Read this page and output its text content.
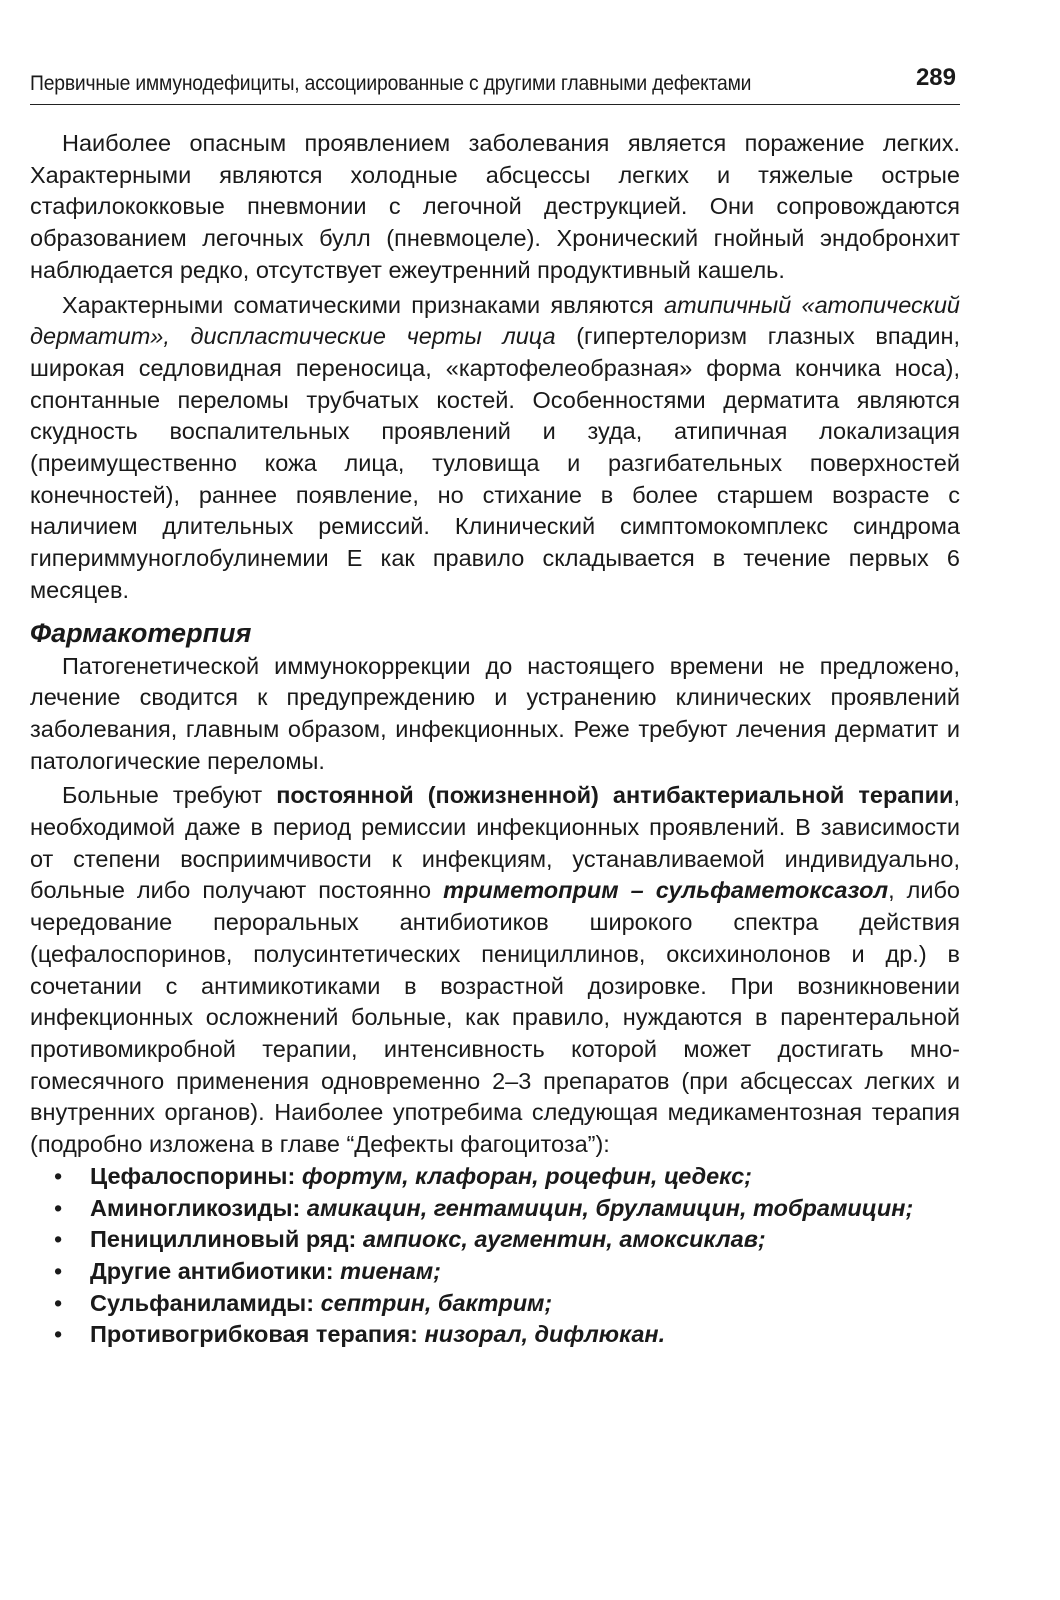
Первичные иммунодефициты, ассоциированные с другими главными дефектами	289

Наиболее опасным проявлением заболевания является поражение легких. Характерными являются холодные абсцессы легких и тяжелые острые стафилококковые пневмонии с легочной деструкцией. Они сопровождаются образованием легочных булл (пневмоцеле). Хронический гнойный эндобронхит наблюдается редко, отсутствует ежеутренний продуктивный кашель.

Характерными соматическими признаками являются атипичный «атопический дерматит», диспластические черты лица (гипертелоризм глазных впадин, широкая седловидная переносица, «картофелеобразная» форма кончика носа), спонтанные переломы трубчатых костей. Особенностями дерматита являются скудность воспалительных проявлений и зуда, атипичная локализация (преимущественно кожа лица, туловища и разгибательных поверхностей конечностей), раннее появление, но стихание в более старшем возрасте с наличием длительных ремиссий. Клинический симптомокомплекс синдрома гипериммуноглобулинемии E как правило складывается в течение первых 6 месяцев.

Фармакотерпия

Патогенетической иммунокоррекции до настоящего времени не предложено, лечение сводится к предупреждению и устранению клинических проявлений заболевания, главным образом, инфекционных. Реже требуют лечения дерматит и патологические переломы.

Больные требуют постоянной (пожизненной) антибактериальной терапии, необходимой даже в период ремиссии инфекционных проявлений. В зависимости от степени восприимчивости к инфекциям, устанавливаемой индивидуально, больные либо получают постоянно триметоприм – сульфаметоксазол, либо чередование пероральных антибиотиков широкого спектра действия (цефалоспоринов, полусинтетических пенициллинов, оксихинолонов и др.) в сочетании с антимикотиками в возрастной дозировке. При возникновении инфекционных осложнений больные, как правило, нуждаются в парентеральной противомикробной терапии, интенсивность которой может достигать многомесячного применения одновременно 2–3 препаратов (при абсцессах легких и внутренних органов). Наиболее употребима следующая медикаментозная терапия (подробно изложена в главе “Дефекты фагоцитоза”):

• Цефалоспорины: фортум, клафоран, роцефин, цедекс;
• Аминогликозиды: амикацин, гентамицин, бруламицин, тобрамицин;
• Пенициллиновый ряд: ампиокс, аугментин, амоксиклав;
• Другие антибиотики: тиенам;
• Сульфаниламиды: септрин, бактрим;
• Противогрибковая терапия: низорал, дифлюкан.
